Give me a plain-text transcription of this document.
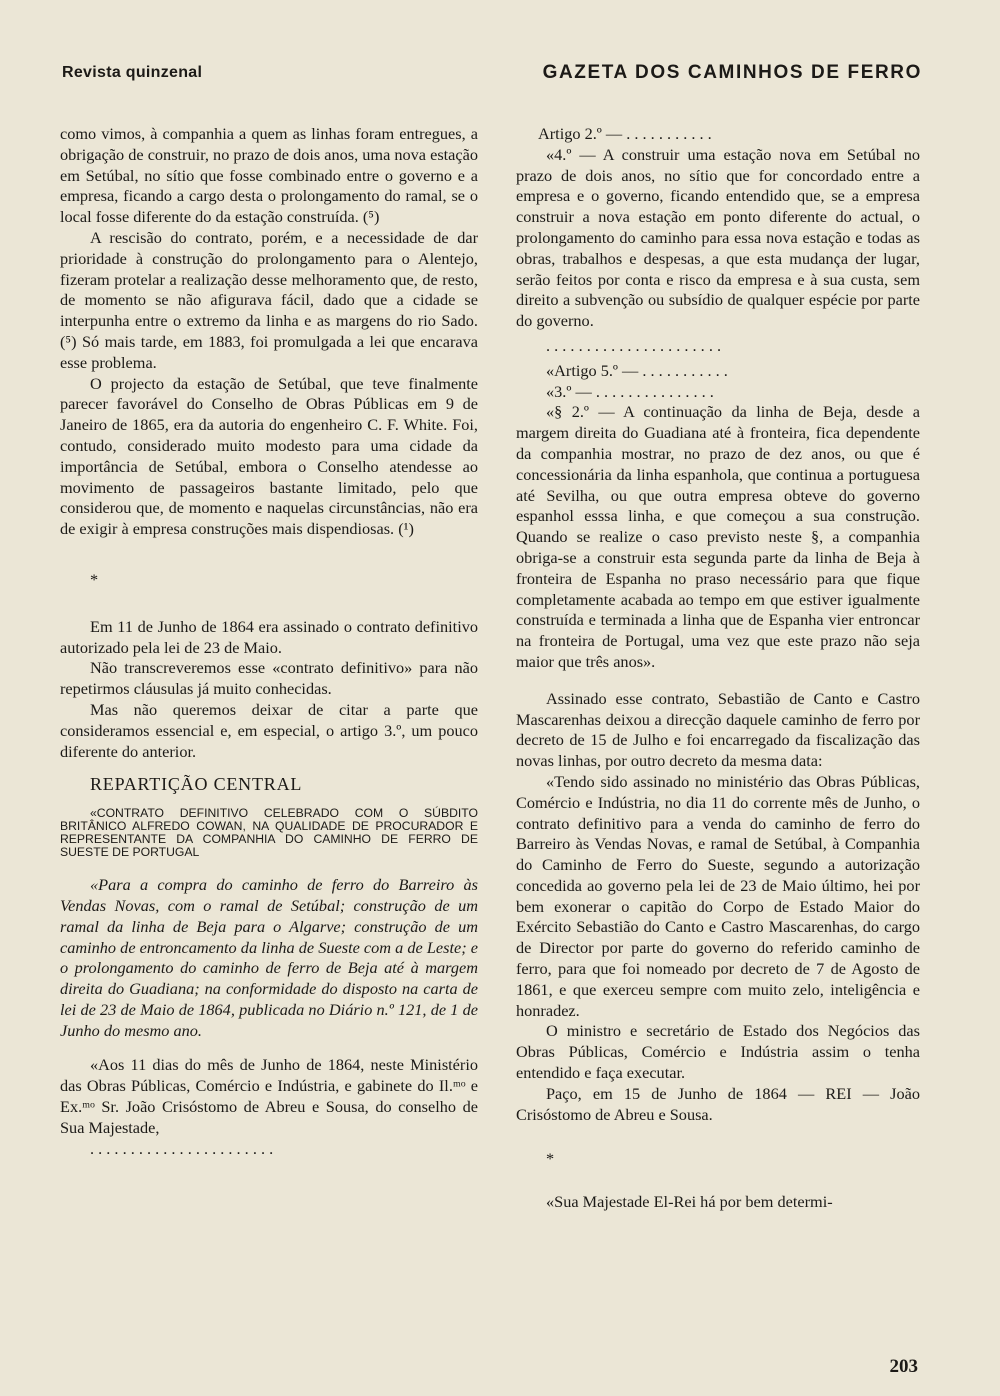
Revista quinzenal	GAZETA DOS CAMINHOS DE FERRO

como vimos, à companhia a quem as linhas foram entregues, a obrigação de construir, no prazo de dois anos, uma nova estação em Setúbal, no sítio que fosse combinado entre o governo e a empresa, ficando a cargo desta o prolongamento do ramal, se o local fosse diferente do da estação construída. (⁵)

A rescisão do contrato, porém, e a necessidade de dar prioridade à construção do prolongamento para o Alentejo, fizeram protelar a realização desse melhoramento que, de resto, de momento se não afigurava fácil, dado que a cidade se interpunha entre o extremo da linha e as margens do rio Sado. (⁵) Só mais tarde, em 1883, foi promulgada a lei que encarava esse problema.

O projecto da estação de Setúbal, que teve finalmente parecer favorável do Conselho de Obras Públicas em 9 de Janeiro de 1865, era da autoria do engenheiro C. F. White. Foi, contudo, considerado muito modesto para uma cidade da importância de Setúbal, embora o Conselho atendesse ao movimento de passageiros bastante limitado, pelo que considerou que, de momento e naquelas circunstâncias, não era de exigir à empresa construções mais dispendiosas. (¹)

*

Em 11 de Junho de 1864 era assinado o contrato definitivo autorizado pela lei de 23 de Maio.

Não transcreveremos esse «contrato definitivo» para não repetirmos cláusulas já muito conhecidas.

Mas não queremos deixar de citar a parte que consideramos essencial e, em especial, o artigo 3.º, um pouco diferente do anterior.

REPARTIÇÃO CENTRAL

«CONTRATO DEFINITIVO CELEBRADO COM O SÚBDITO BRITÂNICO ALFREDO COWAN, NA QUALIDADE DE PROCURADOR E REPRESENTANTE DA COMPANHIA DO CAMINHO DE FERRO DE SUESTE DE PORTUGAL

«Para a compra do caminho de ferro do Barreiro às Vendas Novas, com o ramal de Setúbal; construção de um ramal da linha de Beja para o Algarve; construção de um caminho de entroncamento da linha de Sueste com a de Leste; e o prolongamento do caminho de ferro de Beja até à margem direita do Guadiana; na conformidade do disposto na carta de lei de 23 de Maio de 1864, publicada no Diário n.º 121, de 1 de Junho do mesmo ano.

«Aos 11 dias do mês de Junho de 1864, neste Ministério das Obras Públicas, Comércio e Indústria, e gabinete do Il.ᵐᵒ e Ex.ᵐᵒ Sr. João Crisóstomo de Abreu e Sousa, do conselho de Sua Majestade,

. . . . . . . . . . . . . . . . . . . . . . .

Artigo 2.º — . . . . . . . . . . .

«4.º — A construir uma estação nova em Setúbal no prazo de dois anos, no sítio que for concordado entre a empresa e o governo, ficando entendido que, se a empresa construir a nova estação em ponto diferente do actual, o prolongamento do caminho para essa nova estação e todas as obras, trabalhos e despesas, a que esta mudança der lugar, serão feitos por conta e risco da empresa e à sua custa, sem direito a subvenção ou subsídio de qualquer espécie por parte do governo.

. . . . . . . . . . . . . . . . . . . . . .

«Artigo 5.º — . . . . . . . . . . .

«3.º — . . . . . . . . . . . . . . .

«§ 2.º — A continuação da linha de Beja, desde a margem direita do Guadiana até à fronteira, fica dependente da companhia mostrar, no prazo de dez anos, ou que é concessionária da linha espanhola, que continua a portuguesa até Sevilha, ou que outra empresa obteve do governo espanhol esssa linha, e que começou a sua construção. Quando se realize o caso previsto neste §, a companhia obriga-se a construir esta segunda parte da linha de Beja à fronteira de Espanha no praso necessário para que fique completamente acabada ao tempo em que estiver igualmente construída e terminada a linha que de Espanha vier entroncar na fronteira de Portugal, uma vez que este prazo não seja maior que três anos».

Assinado esse contrato, Sebastião de Canto e Castro Mascarenhas deixou a direcção daquele caminho de ferro por decreto de 15 de Julho e foi encarregado da fiscalização das novas linhas, por outro decreto da mesma data:

«Tendo sido assinado no ministério das Obras Públicas, Comércio e Indústria, no dia 11 do corrente mês de Junho, o contrato definitivo para a venda do caminho de ferro do Barreiro às Vendas Novas, e ramal de Setúbal, à Companhia do Caminho de Ferro do Sueste, segundo a autorização concedida ao governo pela lei de 23 de Maio último, hei por bem exonerar o capitão do Corpo de Estado Maior do Exército Sebastião do Canto e Castro Mascarenhas, do cargo de Director por parte do governo do referido caminho de ferro, para que foi nomeado por decreto de 7 de Agosto de 1861, e que exerceu sempre com muito zelo, inteligência e honradez.

O ministro e secretário de Estado dos Negócios das Obras Públicas, Comércio e Indústria assim o tenha entendido e faça executar.

Paço, em 15 de Junho de 1864 — REI — João Crisóstomo de Abreu e Sousa.

*

«Sua Majestade El-Rei há por bem determi-

203
